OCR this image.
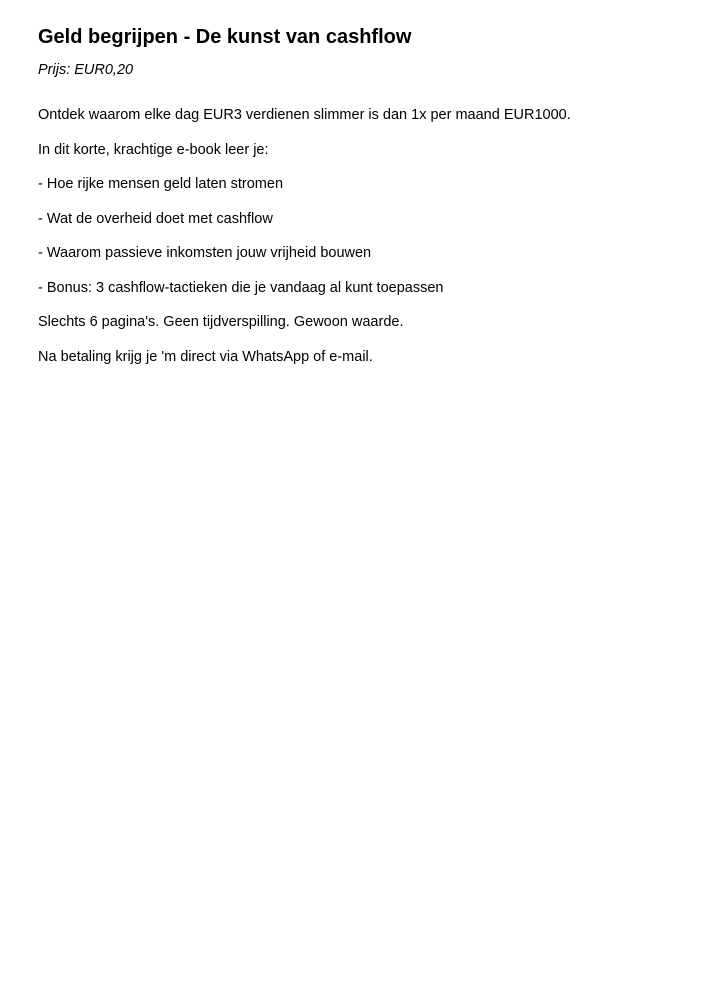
Geld begrijpen - De kunst van cashflow

Prijs: EUR0,20

Ontdek waarom elke dag EUR3 verdienen slimmer is dan 1x per maand EUR1000.

In dit korte, krachtige e-book leer je:

- Hoe rijke mensen geld laten stromen

- Wat de overheid doet met cashflow

- Waarom passieve inkomsten jouw vrijheid bouwen

- Bonus: 3 cashflow-tactieken die je vandaag al kunt toepassen

Slechts 6 pagina's. Geen tijdverspilling. Gewoon waarde.

Na betaling krijg je 'm direct via WhatsApp of e-mail.
